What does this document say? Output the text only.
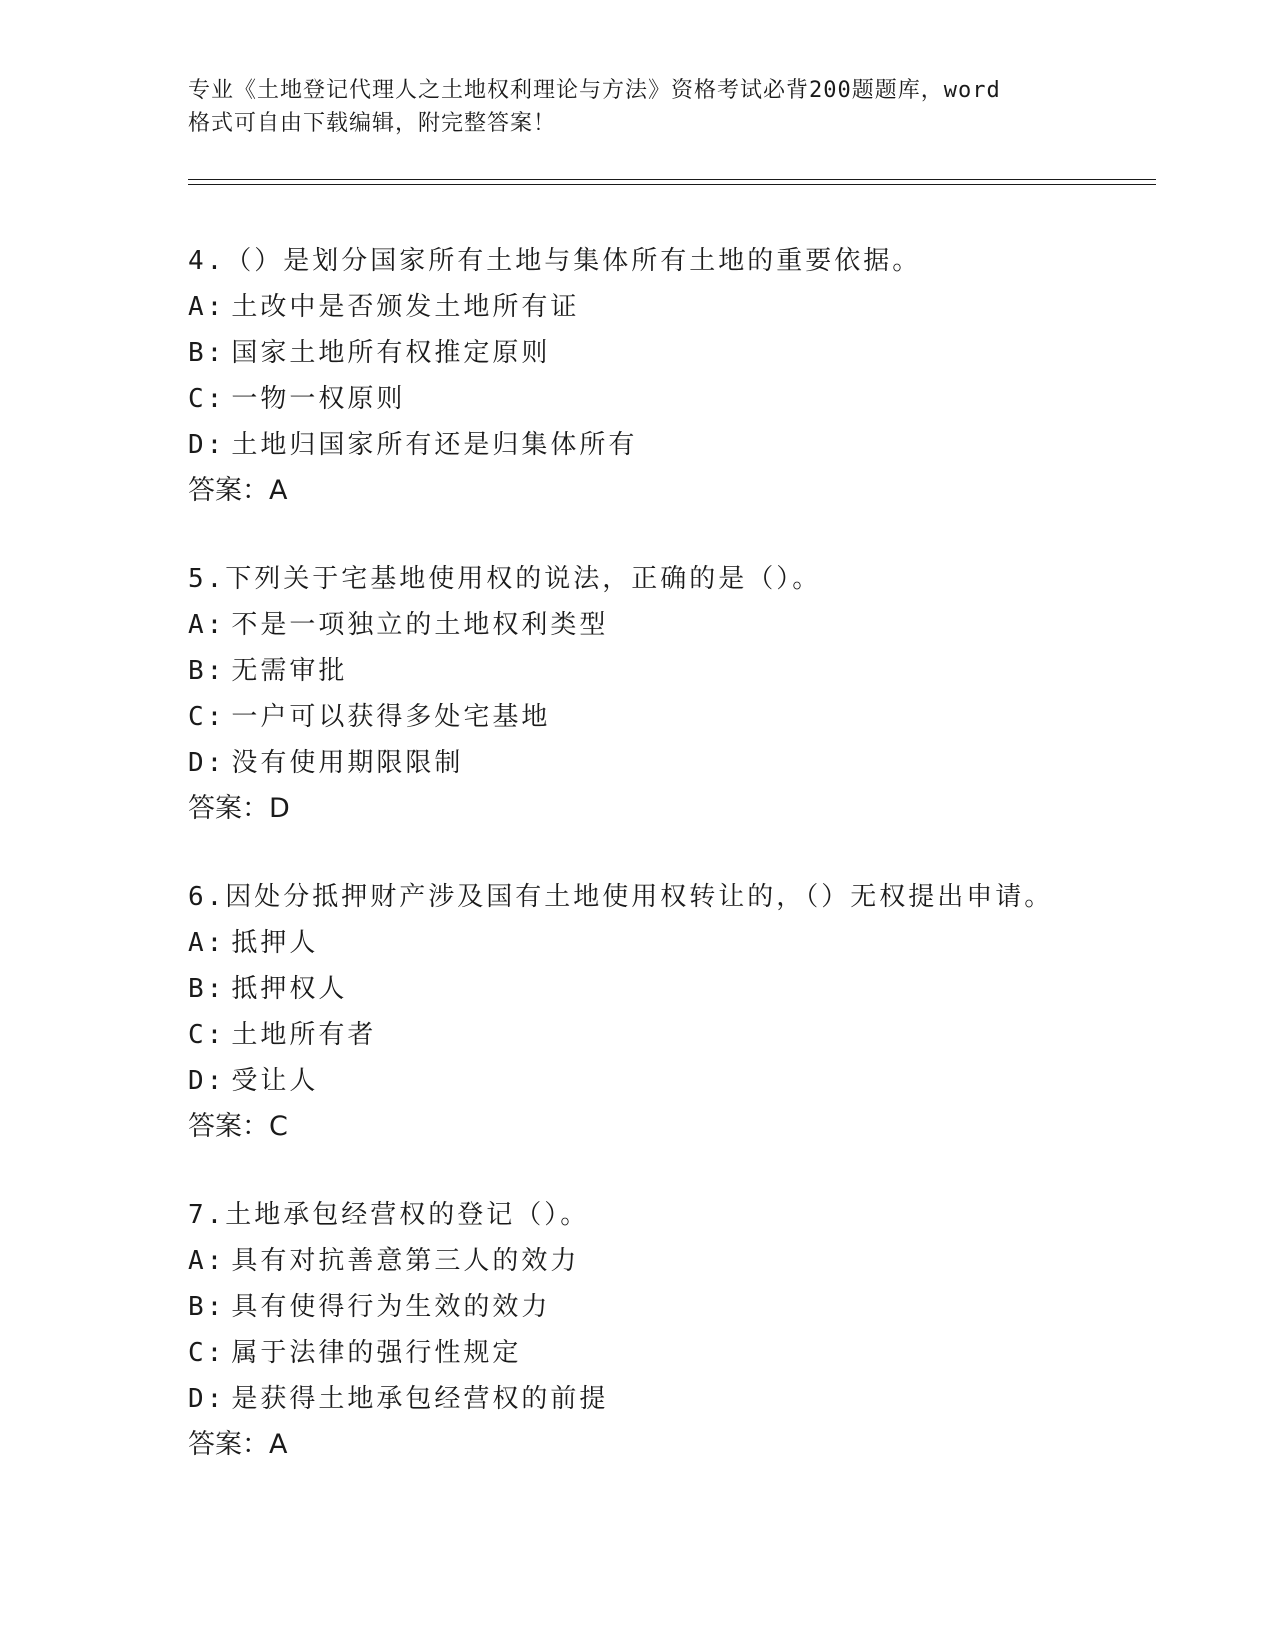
专业《土地登记代理人之土地权利理论与方法》资格考试必背200题题库，word
格式可自由下载编辑，附完整答案！
4.（）是划分国家所有土地与集体所有土地的重要依据。
A: 土改中是否颁发土地所有证
B: 国家土地所有权推定原则
C: 一物一权原则
D: 土地归国家所有还是归集体所有
答案：A
5.下列关于宅基地使用权的说法，正确的是（）。
A: 不是一项独立的土地权利类型
B: 无需审批
C: 一户可以获得多处宅基地
D: 没有使用期限限制
答案：D
6.因处分抵押财产涉及国有土地使用权转让的，（）无权提出申请。
A: 抵押人
B: 抵押权人
C: 土地所有者
D: 受让人
答案：C
7.土地承包经营权的登记（）。
A: 具有对抗善意第三人的效力
B: 具有使得行为生效的效力
C: 属于法律的强行性规定
D: 是获得土地承包经营权的前提
答案：A
